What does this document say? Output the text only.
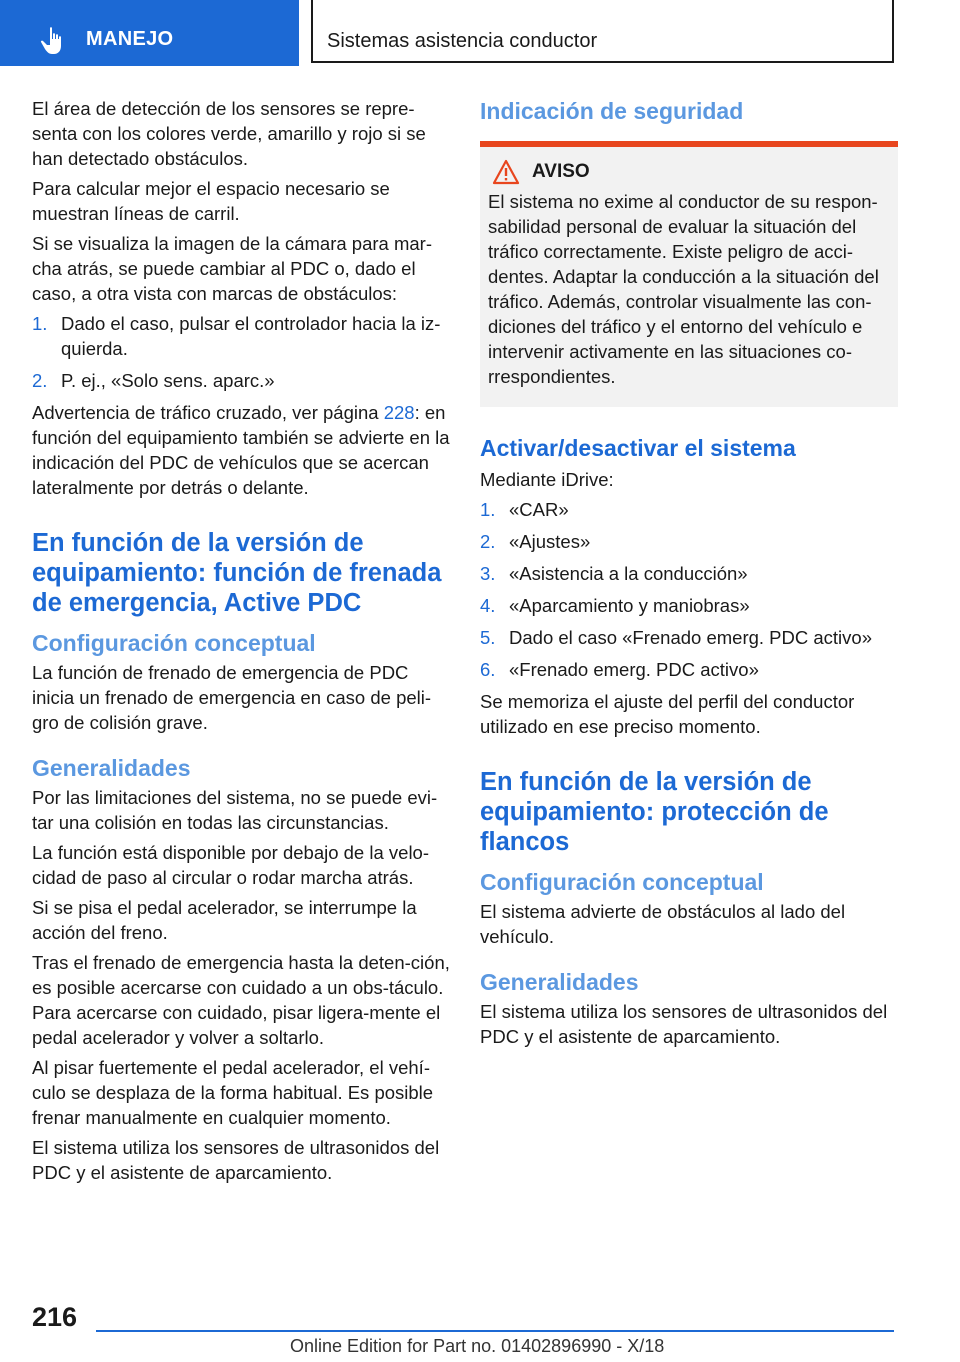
MANEJO	Sistemas asistencia conductor

El área de detección de los sensores se repre-senta con los colores verde, amarillo y rojo si se han detectado obstáculos.

Para calcular mejor el espacio necesario se muestran líneas de carril.

Si se visualiza la imagen de la cámara para mar-cha atrás, se puede cambiar al PDC o, dado el caso, a otra vista con marcas de obstáculos:

1. Dado el caso, pulsar el controlador hacia la iz-quierda.
2. P. ej., «Solo sens. aparc.»

Advertencia de tráfico cruzado, ver página 228: en función del equipamiento también se advierte en la indicación del PDC de vehículos que se acercan lateralmente por detrás o delante.

En función de la versión de equipamiento: función de frenada de emergencia, Active PDC
Configuración conceptual

La función de frenado de emergencia de PDC inicia un frenado de emergencia en caso de peli-gro de colisión grave.

Generalidades

Por las limitaciones del sistema, no se puede evi-tar una colisión en todas las circunstancias.

La función está disponible por debajo de la velo-cidad de paso al circular o rodar marcha atrás.

Si se pisa el pedal acelerador, se interrumpe la acción del freno.

Tras el frenado de emergencia hasta la deten-ción, es posible acercarse con cuidado a un obs-táculo. Para acercarse con cuidado, pisar ligera-mente el pedal acelerador y volver a soltarlo.

Al pisar fuertemente el pedal acelerador, el vehí-culo se desplaza de la forma habitual. Es posible frenar manualmente en cualquier momento.

El sistema utiliza los sensores de ultrasonidos del PDC y el asistente de aparcamiento.

Indicación de seguridad
AVISO

El sistema no exime al conductor de su respon-sabilidad personal de evaluar la situación del tráfico correctamente. Existe peligro de acci-dentes. Adaptar la conducción a la situación del tráfico. Además, controlar visualmente las con-diciones del tráfico y el entorno del vehículo e intervenir activamente en las situaciones co-rrespondientes.

Activar/desactivar el sistema

Mediante iDrive:

1. «CAR»
2. «Ajustes»
3. «Asistencia a la conducción»
4. «Aparcamiento y maniobras»
5. Dado el caso «Frenado emerg. PDC activo»
6. «Frenado emerg. PDC activo»

Se memoriza el ajuste del perfil del conductor utilizado en ese preciso momento.

En función de la versión de equipamiento: protección de flancos
Configuración conceptual

El sistema advierte de obstáculos al lado del vehículo.

Generalidades

El sistema utiliza los sensores de ultrasonidos del PDC y el asistente de aparcamiento.

216
Online Edition for Part no. 01402896990 - X/18
